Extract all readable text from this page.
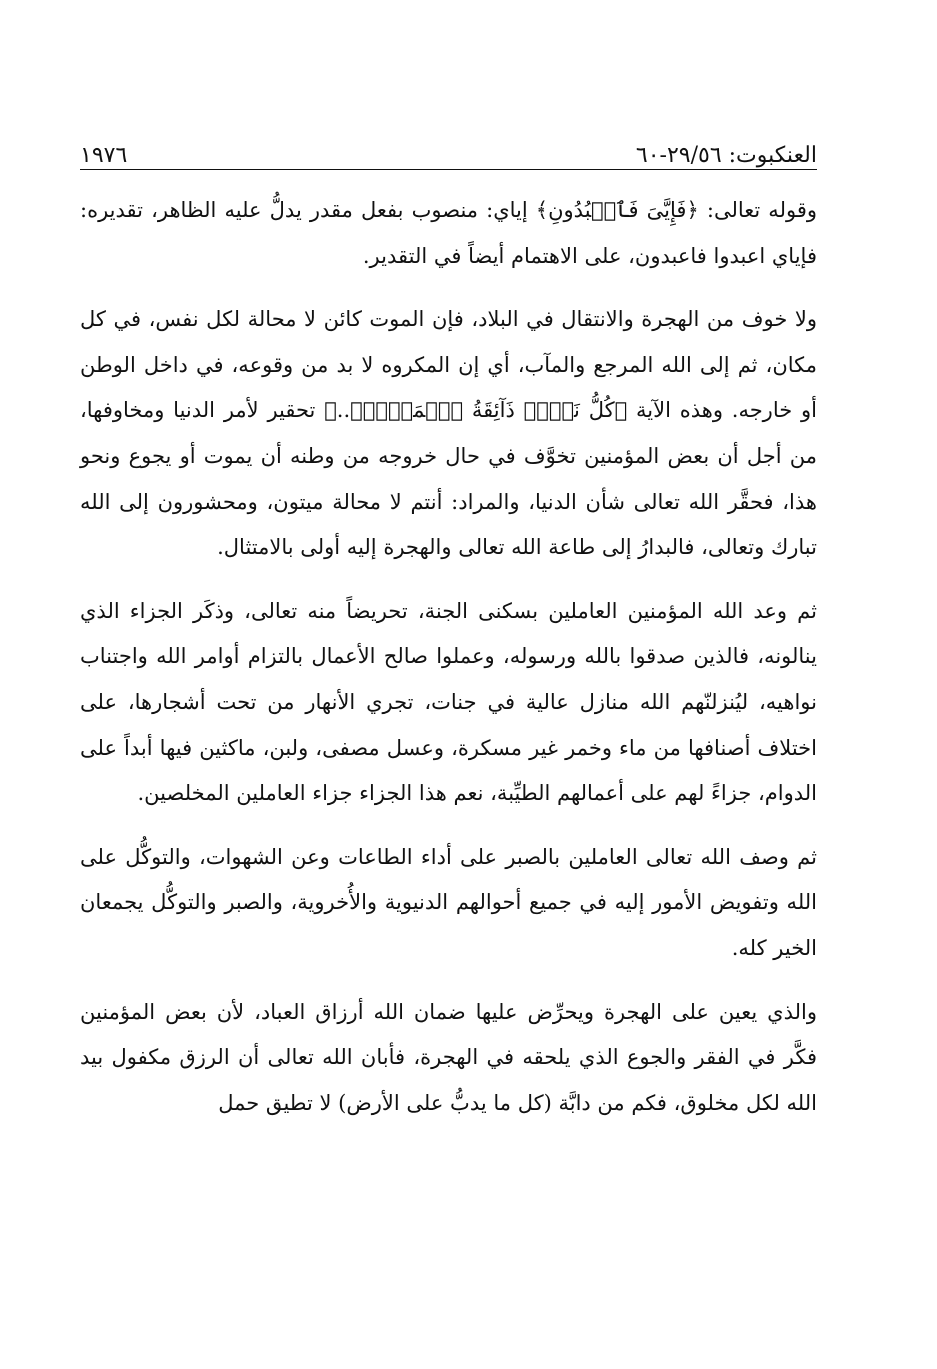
العنكبوت: ٢٩/٥٦-٦٠
١٩٧٦

وقوله تعالى: ﴿فَإِيَّىَ فَٱعۡبُدُونِ﴾ إياي: منصوب بفعل مقدر يدلُّ عليه الظاهر، تقديره: فإياي اعبدوا فاعبدون، على الاهتمام أيضاً في التقدير.

ولا خوف من الهجرة والانتقال في البلاد، فإن الموت كائن لا محالة لكل نفس، في كل مكان، ثم إلى الله المرجع والمآب، أي إن المكروه لا بد من وقوعه، في داخل الوطن أو خارجه. وهذه الآية ﴿كُلُّ نَفۡسٖ ذَآئِقَةُ ٱلۡمَوۡتِۖ..﴾ تحقير لأمر الدنيا ومخاوفها، من أجل أن بعض المؤمنين تخوَّف في حال خروجه من وطنه أن يموت أو يجوع ونحو هذا، فحقَّر الله تعالى شأن الدنيا، والمراد: أنتم لا محالة ميتون، ومحشورون إلى الله تبارك وتعالى، فالبدارُ إلى طاعة الله تعالى والهجرة إليه أولى بالامتثال.

ثم وعد الله المؤمنين العاملين بسكنى الجنة، تحريضاً منه تعالى، وذكَر الجزاء الذي ينالونه، فالذين صدقوا بالله ورسوله، وعملوا صالح الأعمال بالتزام أوامر الله واجتناب نواهيه، ليُنزلنّهم الله منازل عالية في جنات، تجري الأنهار من تحت أشجارها، على اختلاف أصنافها من ماء وخمر غير مسكرة، وعسل مصفى، ولبن، ماكثين فيها أبداً على الدوام، جزاءً لهم على أعمالهم الطيِّبة، نعم هذا الجزاء جزاء العاملين المخلصين.

ثم وصف الله تعالى العاملين بالصبر على أداء الطاعات وعن الشهوات، والتوكُّل على الله وتفويض الأمور إليه في جميع أحوالهم الدنيوية والأُخروية، والصبر والتوكُّل يجمعان الخير كله.

والذي يعين على الهجرة ويحرِّض عليها ضمان الله أرزاق العباد، لأن بعض المؤمنين فكَّر في الفقر والجوع الذي يلحقه في الهجرة، فأبان الله تعالى أن الرزق مكفول بيد الله لكل مخلوق، فكم من دابَّة (كل ما يدبُّ على الأرض) لا تطيق حمل
